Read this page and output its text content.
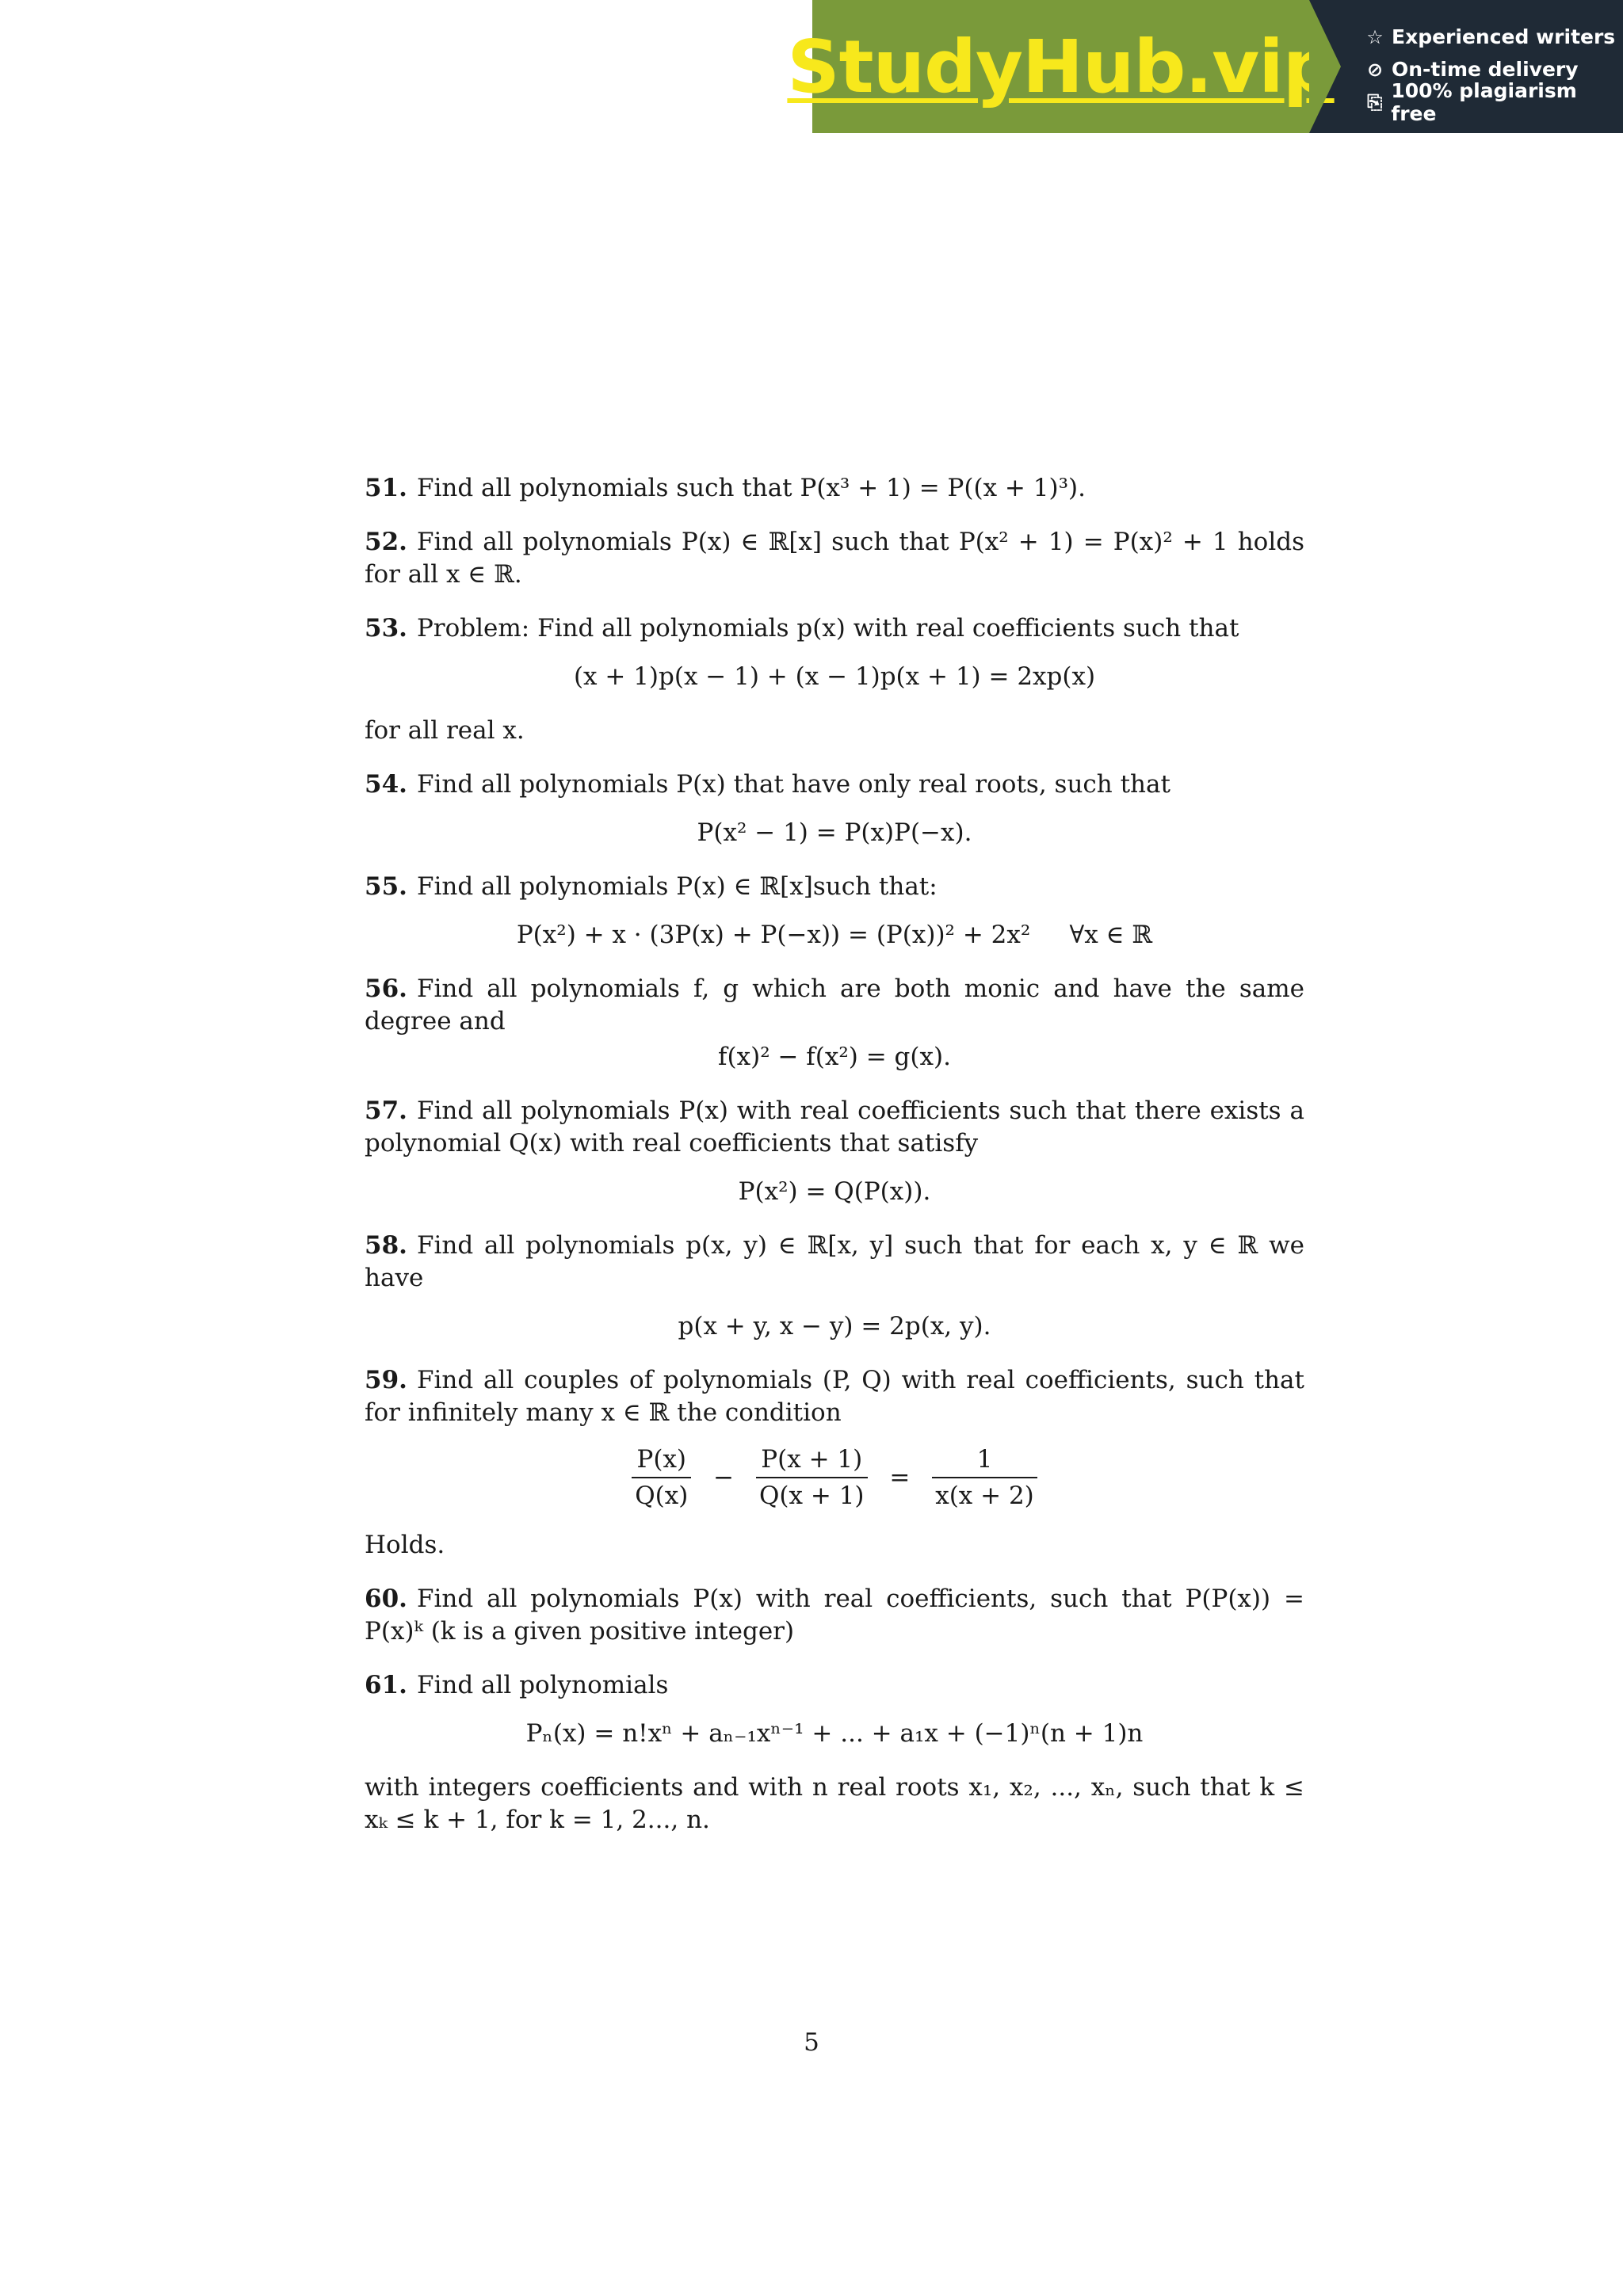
StudyHub.vip ☆ Experienced writers
⊘ On-time delivery
⎘ 100% plagiarism free

51. Find all polynomials such that P(x³ + 1) = P((x + 1)³).

52. Find all polynomials P(x) ∈ ℝ[x] such that P(x² + 1) = P(x)² + 1 holds for all x ∈ ℝ.

53. Problem: Find all polynomials p(x) with real coefficients such that

(x + 1)p(x − 1) + (x − 1)p(x + 1) = 2xp(x)

for all real x.

54. Find all polynomials P(x) that have only real roots, such that

P(x² − 1) = P(x)P(−x).

55. Find all polynomials P(x) ∈ ℝ[x]such that:

P(x²) + x · (3P(x) + P(−x)) = (P(x))² + 2x²     ∀x ∈ ℝ

56. Find all polynomials f, g which are both monic and have the same degree and

f(x)² − f(x²) = g(x).

57. Find all polynomials P(x) with real coefficients such that there exists a polynomial Q(x) with real coefficients that satisfy

P(x²) = Q(P(x)).

58. Find all polynomials p(x, y) ∈ ℝ[x, y] such that for each x, y ∈ ℝ we have

p(x + y, x − y) = 2p(x, y).

59. Find all couples of polynomials (P, Q) with real coefficients, such that for infinitely many x ∈ ℝ the condition

$\frac{P(x)}{Q(x)} - \frac{P(x + 1)}{Q(x + 1)} = \frac{1}{x(x + 2)}$

Holds.

60. Find all polynomials P(x) with real coefficients, such that P(P(x)) = P(x)ᵏ (k is a given positive integer)

61. Find all polynomials

Pₙ(x) = n!xⁿ + aₙ₋₁xⁿ⁻¹ + ... + a₁x + (−1)ⁿ(n + 1)n

with integers coefficients and with n real roots x₁, x₂, ..., xₙ, such that k ≤ xₖ ≤ k + 1, for k = 1, 2..., n.

5
